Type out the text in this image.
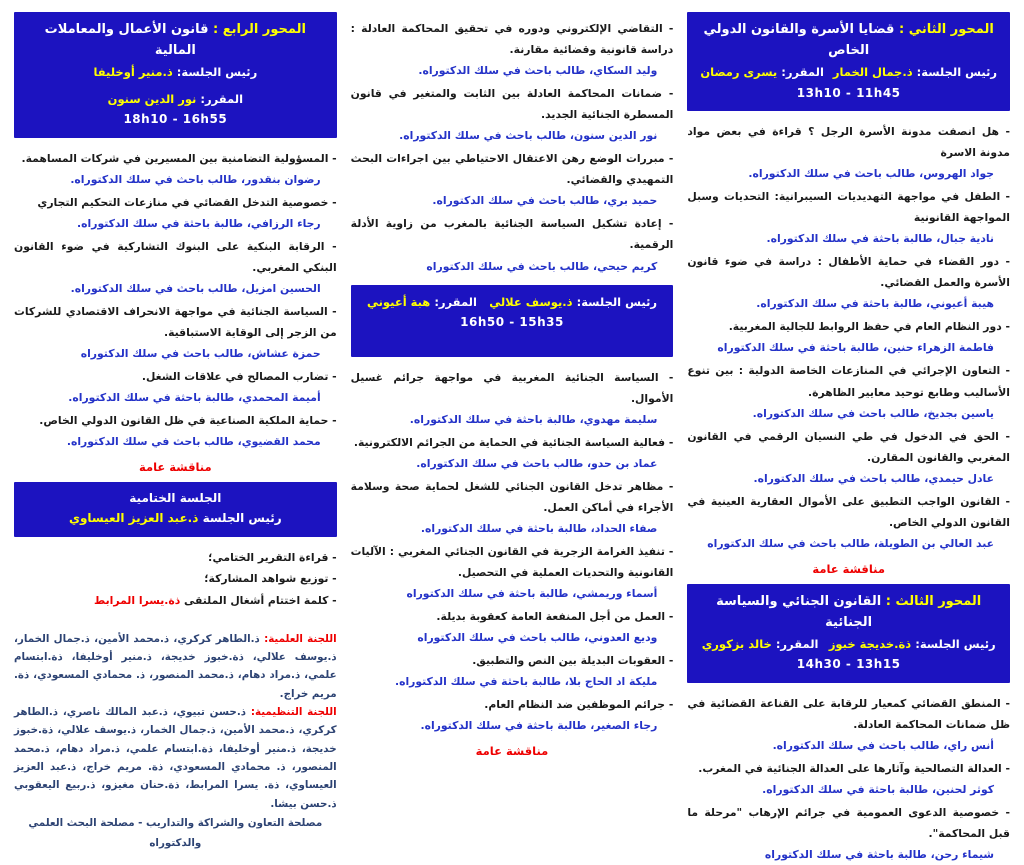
المحور الثاني : قضايا الأسرة والقانون الدولي الخاص
رئيس الجلسة: ذ.جمال الخمار
المقرر: يسرى رمضان
13h10 - 11h45
- هل انصفت مدونة الأسرة الرجل ؟ قراءة في بعض مواد مدونة الاسرة
جواد الهروس، طالب باحث في سلك الدكتوراه.
- الطفل في مواجهة التهديديات السيبرانية: التحديات وسبل المواجهة القانونية
نادية جبال، طالبة باحثة في سلك الدكتوراه.
- دور القضاء في حماية الأطفال : دراسة في ضوء قانون الأسرة والعمل القضائي.
هيبة أعيوني، طالبة باحثة في سلك الدكتوراه.
- دور النظام العام في حفظ الروابط للجالية المغربية.
فاطمة الزهراء حنين، طالبة باحثة في سلك الدكتوراه
- التعاون الإجرائي في المنازعات الخاصة الدولية : بين تنوع الأساليب وطابع توحيد معايير الظاهرة.
ياسين بجديخ، طالب باحث في سلك الدكتوراه.
- الحق في الدخول في طي النسيان الرقمي في القانون المغربي والقانون المقارن.
عادل حيمدي، طالب باحث في سلك الدكتوراه.
- القانون الواجب التطبيق على الأموال العقارية العينية في القانون الدولي الخاص.
عبد العالي بن الطويلة، طالب باحث في سلك الدكتوراه
مناقشة عامة
المحور الثالث : القانون الجنائي والسياسة الجنائية
رئيس الجلسة: ذة.خديجة خبوز
المقرر: خالد بزكوري
14h30 - 13h15
- المنطق القضائي كمعيار للرقابة على القناعة القضائية في ظل ضمانات المحاكمة العادلة.
أنس راي، طالب باحث في سلك الدكتوراه.
- العدالة التصالحية وآثارها على العدالة الجنائية في المغرب.
كوثر لحنين، طالبة باحثة في سلك الدكتوراه.
- خصوصية الدعوى العمومية في جرائم الإرهاب "مرحلة ما قبل المحاكمة".
شيماء رحن، طالبة باحثة في سلك الدكتوراه
- التقاضي الإلكتروني ودوره في تحقيق المحاكمة العادلة : دراسة قانونية وقضائية مقارنة.
وليد السكاي، طالب باحث في سلك الدكتوراه.
- ضمانات المحاكمة العادلة بين الثابت والمتغير في قانون المسطرة الجنائية الجديد.
نور الدين سنون، طالب باحث في سلك الدكتوراه.
- مبررات الوضع رهن الاعتقال الاحتياطي بين اجراءات البحث التمهيدي والقضائي.
حميد بري، طالب باحث في سلك الدكتوراه.
- إعادة تشكيل السياسة الجنائية بالمغرب من زاوية الأدلة الرقمية.
كريم حيحي، طالب باحث في سلك الدكتوراه
رئيس الجلسة: ذ.يوسف علالي
المقرر: هبة أعيوني
16h50 - 15h35
- السياسة الجنائية المغربية في مواجهة جرائم غسيل الأموال.
سليمة مهدوي، طالبة باحثة في سلك الدكتوراه.
- فعالية السياسة الجنائية في الحماية من الجرائم الالكترونية.
عماد بن حدو، طالب باحث في سلك الدكتوراه.
- مظاهر تدخل القانون الجنائي للشغل لحماية صحة وسلامة الأجراء في أماكن العمل.
صفاء الحداد، طالبة باحثة في سلك الدكتوراه.
- تنفيذ الغرامة الزجرية في القانون الجنائي المغربي : الآليات القانونية والتحديات العملية في التحصيل.
أسماء وريمشي، طالبة باحثة في سلك الدكتوراه
- العمل من أجل المنفعة العامة كعقوبة بديلة.
وديع العدوني، طالب باحث في سلك الدكتوراه
- العقوبات البديلة بين النص والتطبيق.
مليكة اد الحاج بلا، طالبة باحثة في سلك الدكتوراه.
- جرائم الموظفين ضد النظام العام.
رجاء الصغير، طالبة باحثة في سلك الدكتوراه.
مناقشة عامة
المحور الرابع : قانون الأعمال والمعاملات المالية
رئيس الجلسة: ذ.منير أوخليفا
المقرر: نور الدين سنون
18h10 - 16h55
- المسؤولية التضامنية بين المسيرين في شركات المساهمة.
رضوان بنقدور، طالب باحث في سلك الدكتوراه.
- خصوصية التدخل القضائي في منازعات التحكيم التجاري
رجاء الرزافي، طالبة باحثة في سلك الدكتوراه.
- الرقابة البنكية على البنوك التشاركية في ضوء القانون البنكي المغربي.
الحسين امزيل، طالب باحث في سلك الدكتوراه.
- السياسة الجنائية في مواجهة الانحراف الاقتصادي للشركات من الزجر إلى الوقاية الاستباقية.
حمزة عشاش، طالب باحث في سلك الدكتوراه
- تضارب المصالح في علاقات الشغل.
أميمة المحمدي، طالبة باحثة في سلك الدكتوراه.
- حماية الملكية الصناعية في ظل القانون الدولي الخاص.
محمد القضيوي، طالب باحث في سلك الدكتوراه.
مناقشة عامة
الجلسة الختامية
رئيس الجلسة ذ.عبد العزيز العيساوي
- قراءة التقرير الختامي؛
- توزيع شواهد المشاركة؛
- كلمة اختتام أشغال الملتقى ذة.يسرا المرابط
اللجنة العلمية: ذ.الطاهر كركري، ذ.محمد الأمين، ذ.جمال الخمار، ذ.يوسف علالي، ذة.خبوز خديجة، ذ.منير أوخليفا، ذة.ابتسام علمي، ذ.مراد دهام، ذ.محمد المنصور، ذ. محمادي المسعودي، ذة. مريم خراج.
اللجنة التنظيمية: ذ.حسن تبيوي، ذ.عبد المالك ناصري، ذ.الطاهر كركري، ذ.محمد الأمين، ذ.جمال الخمار، ذ.يوسف علالي، ذة.خبوز خديجة، ذ.منير أوخليفا، ذة.ابتسام علمي، ذ.مراد دهام، ذ.محمد المنصور، ذ. محمادي المسعودي، ذة. مريم خراج، ذ.عبد العزيز العيساوي، ذة. يسرا المرابط، ذة.حنان مغيزو، ذ.ربيع اليعقوبي ذ.حسن بيشا.
مصلحة التعاون والشراكة والتداريب - مصلحة البحث العلمي والدكتوراه
